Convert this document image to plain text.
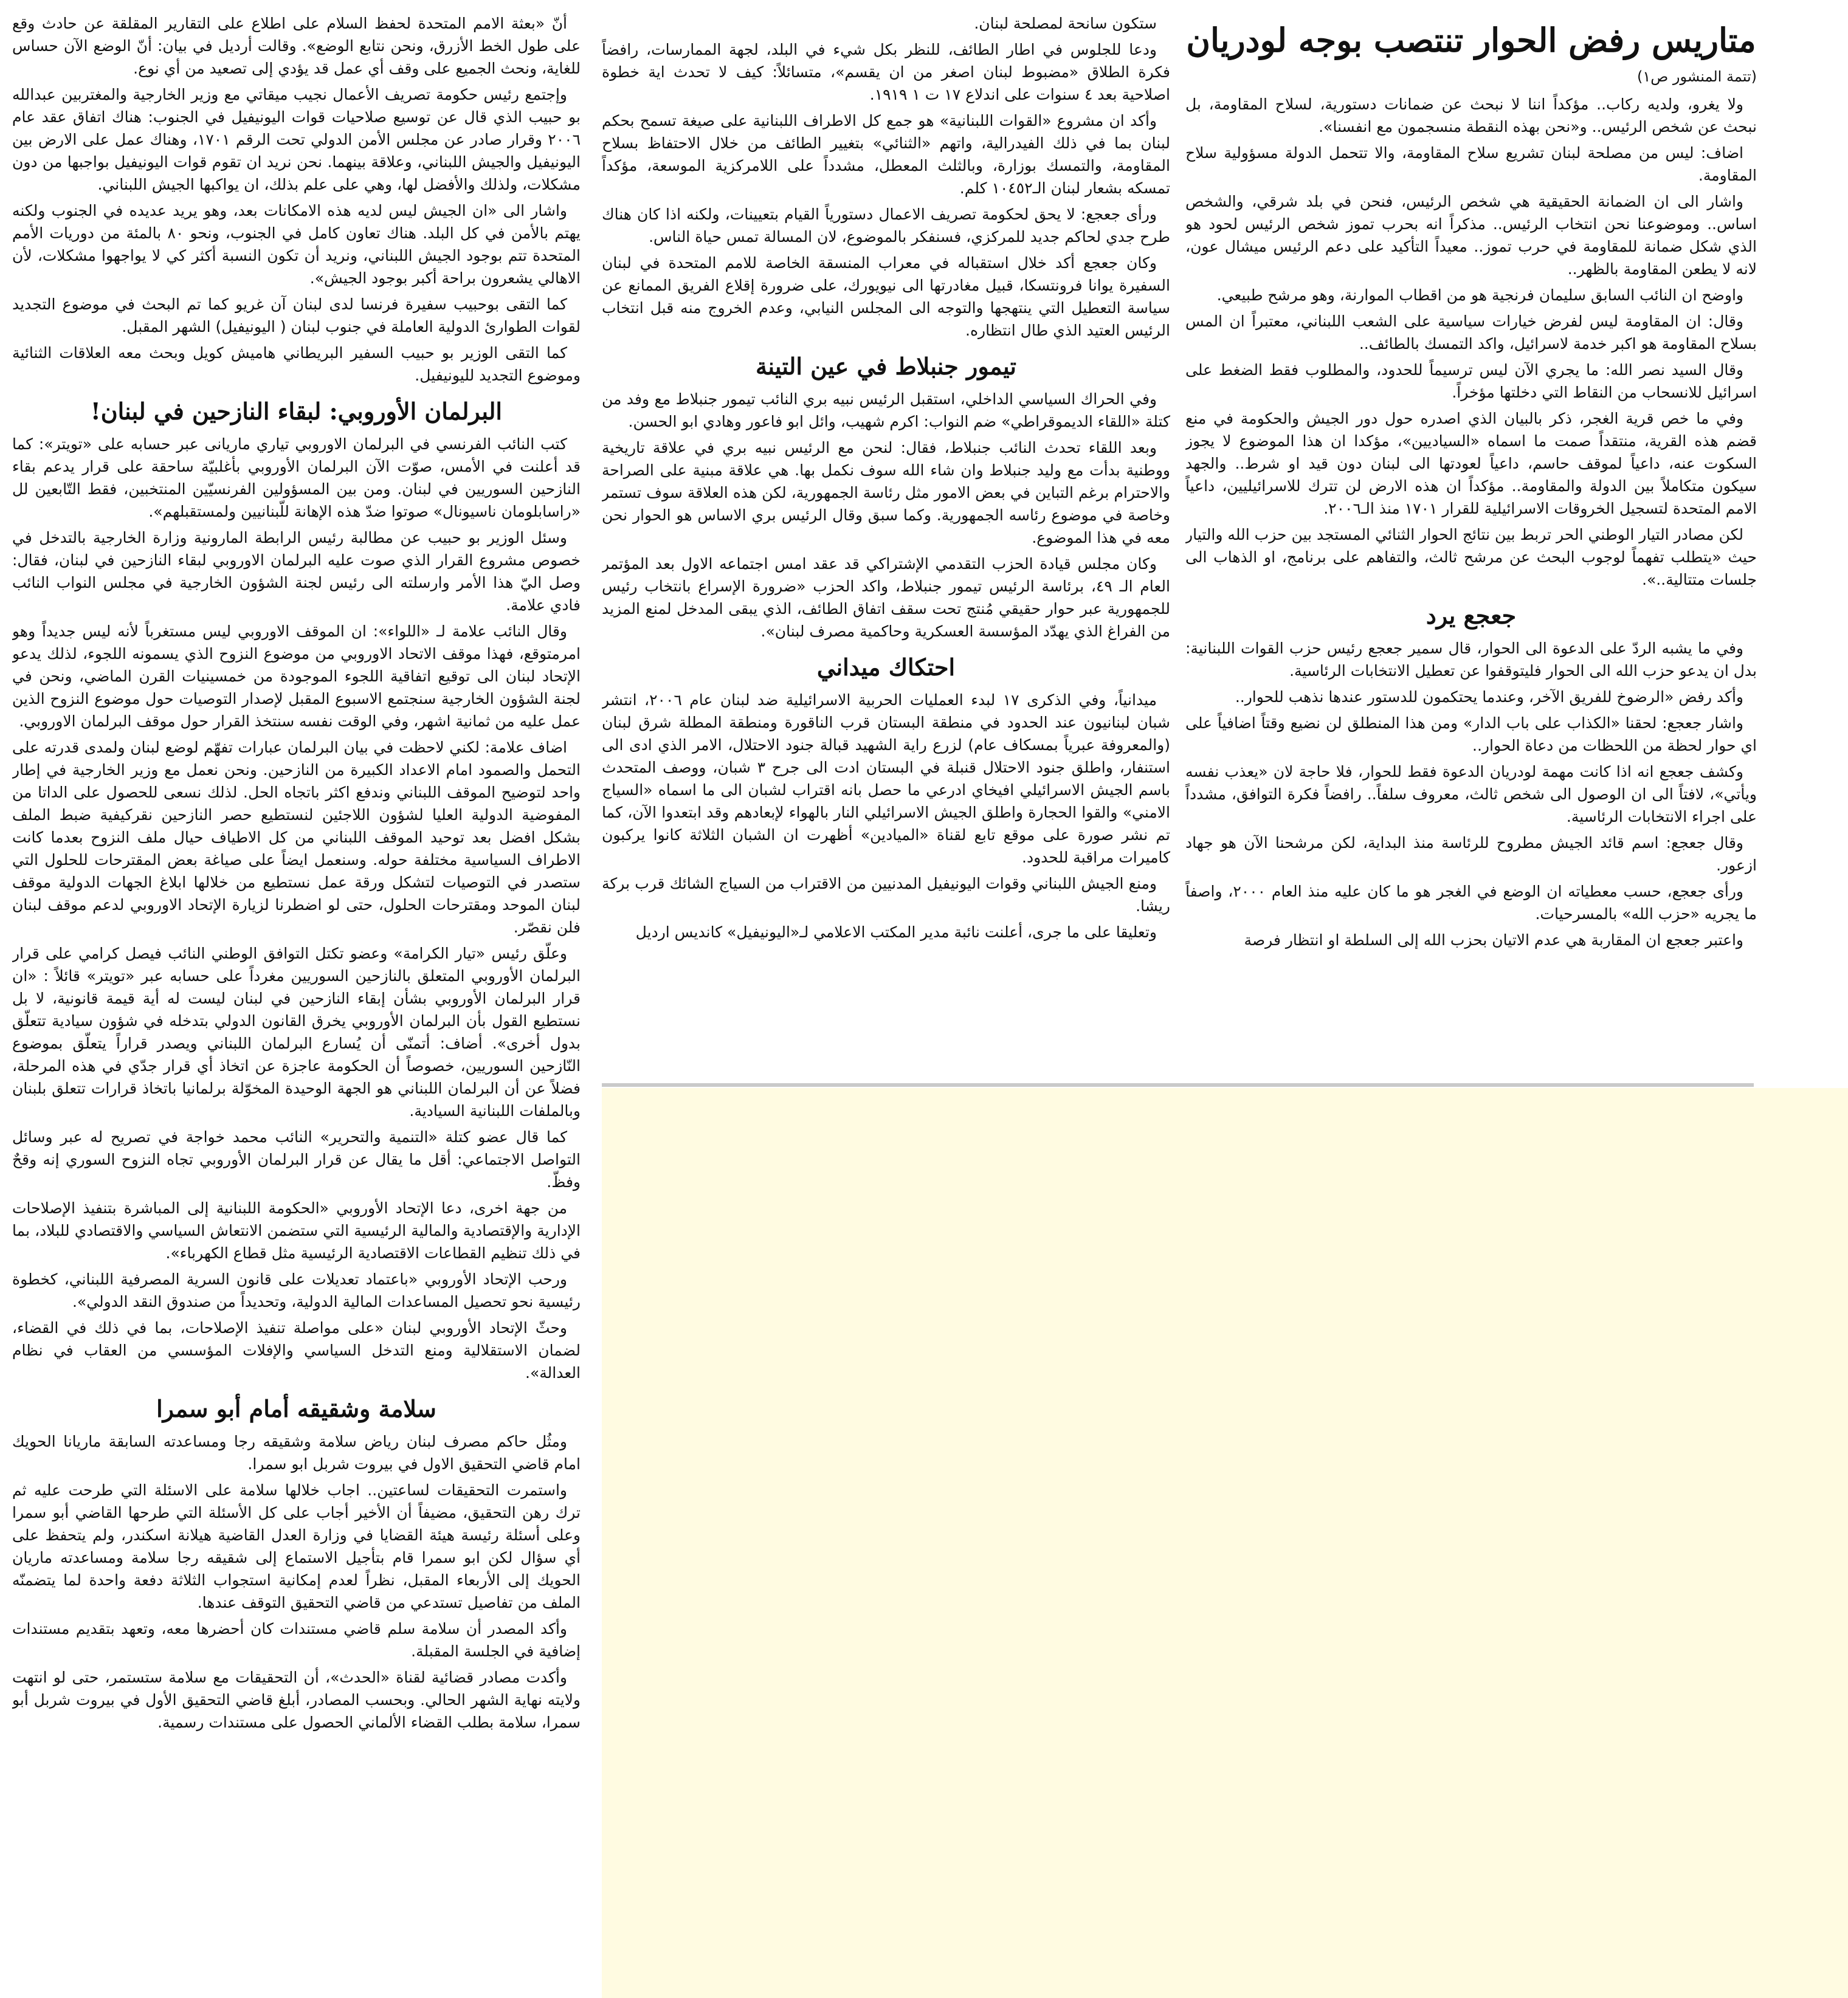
متاريس رفض الحوار تنتصب بوجه لودريان
(تتمة المنشور ص١)

ولا يغرو، ولديه ركاب.. مؤكداً اننا لا نبحث عن ضمانات دستورية، لسلاح المقاومة، بل نبحث عن شخص الرئيس.. و«نحن بهذه النقطة منسجمون مع انفسنا».

اضاف: ليس من مصلحة لبنان تشريع سلاح المقاومة، والا تتحمل الدولة مسؤولية سلاح المقاومة.

واشار الى ان الضمانة الحقيقية هي شخص الرئيس، فنحن في بلد شرقي، والشخص اساس.. وموضوعنا نحن انتخاب الرئيس.. مذكراً انه بحرب تموز شخص الرئيس لحود هو الذي شكل ضمانة للمقاومة في حرب تموز.. معيداً التأكيد على دعم الرئيس ميشال عون، لانه لا يطعن المقاومة بالظهر..

واوضح ان النائب السابق سليمان فرنجية هو من اقطاب الموارنة، وهو مرشح طبيعي.

وقال: ان المقاومة ليس لفرض خيارات سياسية على الشعب اللبناني، معتبراً ان المس بسلاح المقاومة هو اكبر خدمة لاسرائيل، واكد التمسك بالطائف..

وقال السيد نصر الله: ما يجري الآن ليس ترسيماً للحدود، والمطلوب فقط الضغط على اسرائيل للانسحاب من النقاط التي دخلتها مؤخراً.

وفي ما خص قرية الغجر، ذكر بالبيان الذي اصدره حول دور الجيش والحكومة في منع قضم هذه القرية، منتقداً صمت ما اسماه «السياديين»، مؤكدا ان هذا الموضوع لا يجوز السكوت عنه، داعياً لموقف حاسم، داعياً لعودتها الى لبنان دون قيد او شرط.. والجهد سيكون متكاملاً بين الدولة والمقاومة.. مؤكداً ان هذه الارض لن تترك للاسرائيليين، داعياً الامم المتحدة لتسجيل الخروقات الاسرائيلية للقرار ١٧٠١ منذ الـ٢٠٠٦.

لكن مصادر التيار الوطني الحر تربط بين نتائج الحوار الثنائي المستجد بين حزب الله والتيار حيث «يتطلب تفهماً لوجوب البحث عن مرشح ثالث، والتفاهم على برنامج، او الذهاب الى جلسات متتالية..».

جعجع يرد

وفي ما يشبه الردّ على الدعوة الى الحوار، قال سمير جعجع رئيس حزب القوات اللبنانية: بدل ان يدعو حزب الله الى الحوار فليتوقفوا عن تعطيل الانتخابات الرئاسية.

وأكد رفض «الرضوخ للفريق الآخر، وعندما يحتكمون للدستور عندها نذهب للحوار..

واشار جعجع: لحقنا «الكذاب على باب الدار» ومن هذا المنطلق لن نضيع وقتاً اضافياً على اي حوار لحظة من اللحظات من دعاة الحوار..

وكشف جعجع انه اذا كانت مهمة لودريان الدعوة فقط للحوار، فلا حاجة لان «يعذب نفسه ويأتي»، لافتاً الى ان الوصول الى شخص ثالث، معروف سلفاً.. رافضاً فكرة التوافق، مشدداً على اجراء الانتخابات الرئاسية.

وقال جعجع: اسم قائد الجيش مطروح للرئاسة منذ البداية، لكن مرشحنا الآن هو جهاد ازعور.

ورأى جعجع، حسب معطياته ان الوضع في الغجر هو ما كان عليه منذ العام ٢٠٠٠، واصفاً ما يجريه «حزب الله» بالمسرحيات.

واعتبر جعجع ان المقاربة هي عدم الاتيان بحزب الله إلى السلطة او انتظار فرصة

ستكون سانحة لمصلحة لبنان.

ودعا للجلوس في اطار الطائف، للنظر بكل شيء في البلد، لجهة الممارسات، رافضاً فكرة الطلاق «مضبوط لبنان اصغر من ان يقسم»، متسائلاً: كيف لا تحدث اية خطوة اصلاحية بعد ٤ سنوات على اندلاع ١٧ ت ١ ١٩١٩.

وأكد ان مشروع «القوات اللبنانية» هو جمع كل الاطراف اللبنانية على صيغة تسمح بحكم لبنان بما في ذلك الفيدرالية، واتهم «الثنائي» بتغيير الطائف من خلال الاحتفاظ بسلاح المقاومة، والتمسك بوزارة، وبالثلث المعطل، مشدداً على اللامركزية الموسعة، مؤكداً تمسكه بشعار لبنان الـ١٠٤٥٢ كلم.

ورأى جعجع: لا يحق لحكومة تصريف الاعمال دستورياً القيام بتعيينات، ولكنه اذا كان هناك طرح جدي لحاكم جديد للمركزي، فسنفكر بالموضوع، لان المسالة تمس حياة الناس.

وكان جعجع أكد خلال استقباله في معراب المنسقة الخاصة للامم المتحدة في لبنان السفيرة يوانا فرونتسكا، قبيل مغادرتها الى نيويورك، على ضرورة إقلاع الفريق الممانع عن سياسة التعطيل التي ينتهجها والتوجه الى المجلس النيابي، وعدم الخروج منه قبل انتخاب الرئيس العتيد الذي طال انتظاره.

تيمور جنبلاط في عين التينة

وفي الحراك السياسي الداخلي، استقبل الرئيس نبيه بري النائب تيمور جنبلاط مع وفد من كتلة «اللقاء الديموقراطي» ضم النواب: اكرم شهيب، وائل ابو فاعور وهادي ابو الحسن.

وبعد اللقاء تحدث النائب جنبلاط، فقال: لنحن مع الرئيس نبيه بري في علاقة تاريخية ووطنية بدأت مع وليد جنبلاط وان شاء الله سوف نكمل بها. هي علاقة مبنية على الصراحة والاحترام برغم التباين في بعض الامور مثل رئاسة الجمهورية، لكن هذه العلاقة سوف تستمر وخاصة في موضوع رئاسه الجمهورية. وكما سبق وقال الرئيس بري الاساس هو الحوار نحن معه في هذا الموضوع.

وكان مجلس قيادة الحزب التقدمي الإشتراكي قد عقد امس اجتماعه الاول بعد المؤتمر العام الـ ٤٩، برئاسة الرئيس تيمور جنبلاط، واكد الحزب «ضرورة الإسراع بانتخاب رئيس للجمهورية عبر حوار حقيقي مُنتج تحت سقف اتفاق الطائف، الذي يبقى المدخل لمنع المزيد من الفراغ الذي يهدّد المؤسسة العسكرية وحاكمية مصرف لبنان».

احتكاك ميداني

ميدانياً، وفي الذكرى ١٧ لبدء العمليات الحربية الاسرائيلية ضد لبنان عام ٢٠٠٦، انتشر شبان لبنانيون عند الحدود في منطقة البستان قرب الناقورة ومنطقة المطلة شرق لبنان (والمعروفة عبرياً بمسكاف عام) لزرع راية الشهيد قبالة جنود الاحتلال، الامر الذي ادى الى استنفار، واطلق جنود الاحتلال قنبلة في البستان ادت الى جرح ٣ شبان، ووصف المتحدث باسم الجيش الاسرائيلي افيخاي ادرعي ما حصل بانه اقتراب لشبان الى ما اسماه «السياج الامني» والقوا الحجارة واطلق الجيش الاسرائيلي النار بالهواء لإبعادهم وقد ابتعدوا الآن، كما تم نشر صورة على موقع تابع لقناة «الميادين» أظهرت ان الشبان الثلاثة كانوا يركبون كاميرات مراقبة للحدود.

ومنع الجيش اللبناني وقوات اليونيفيل المدنيين من الاقتراب من السياج الشائك قرب بركة ريشا.

وتعليقا على ما جرى، أعلنت نائبة مدير المكتب الاعلامي لـ«اليونيفيل» كانديس ارديل

أنّ «بعثة الامم المتحدة لحفظ السلام على اطلاع على التقارير المقلقة عن حادث وقع على طول الخط الأزرق، ونحن نتابع الوضع». وقالت أرديل في بيان: أنّ الوضع الآن حساس للغاية، ونحث الجميع على وقف أي عمل قد يؤدي إلى تصعيد من أي نوع.

وإجتمع رئيس حكومة تصريف الأعمال نجيب ميقاتي مع وزير الخارجية والمغتربين عبدالله بو حبيب الذي قال عن توسيع صلاحيات قوات اليونيفيل في الجنوب: هناك اتفاق عقد عام ٢٠٠٦ وقرار صادر عن مجلس الأمن الدولي تحت الرقم ١٧٠١، وهناك عمل على الارض بين اليونيفيل والجيش اللبناني، وعلاقة بينهما. نحن نريد ان تقوم قوات اليونيفيل بواجبها من دون مشكلات، ولذلك والأفضل لها، وهي على علم بذلك، ان يواكبها الجيش اللبناني.

واشار الى «ان الجيش ليس لديه هذه الامكانات بعد، وهو يريد عديده في الجنوب ولكنه يهتم بالأمن في كل البلد. هناك تعاون كامل في الجنوب، ونحو ٨٠ بالمئة من دوريات الأمم المتحدة تتم بوجود الجيش اللبناني، ونريد أن تكون النسبة أكثر كي لا يواجهوا مشكلات، لأن الاهالي يشعرون براحة أكبر بوجود الجيش».

كما التقى بوحبيب سفيرة فرنسا لدى لبنان آن غريو كما تم البحث في موضوع التجديد لقوات الطوارئ الدولية العاملة في جنوب لبنان ( اليونيفيل) الشهر المقبل.

كما التقى الوزير بو حبيب السفير البريطاني هاميش كويل وبحث معه العلاقات الثنائية وموضوع التجديد لليونيفيل.

البرلمان الأوروبي: لبقاء النازحين في لبنان!

كتب النائب الفرنسي في البرلمان الاوروبي تياري ماريانى عبر حسابه على «تويتر»: كما قد أعلنت في الأمس، صوّت الآن البرلمان الأوروبي بأغلبيّة ساحقة على قرار يدعم بقاء النازحين السوريين في لبنان. ومن بين المسؤولين الفرنسيّين المنتخبين، فقط التّابعين لل «راسابلومان ناسيونال» صوتوا ضدّ هذه الإهانة للّبنانيين ولمستقبلهم».

وسئل الوزير بو حبيب عن مطالبة رئيس الرابطة المارونية وزارة الخارجية بالتدخل في خصوص مشروع القرار الذي صوت عليه البرلمان الاوروبي لبقاء النازحين في لبنان، فقال: وصل اليّ هذا الأمر وارسلته الى رئيس لجنة الشؤون الخارجية في مجلس النواب النائب فادي علامة.

وقال النائب علامة لـ «اللواء»: ان الموقف الاوروبي ليس مستغرباً لأنه ليس جديداً وهو امرمتوقع، فهذا موقف الاتحاد الاوروبي من موضوع النزوح الذي يسمونه اللجوء، لذلك يدعو الإتحاد لبنان الى توقيع اتفاقية اللجوء الموجودة من خمسينيات القرن الماضي، ونحن في لجنة الشؤون الخارجية سنجتمع الاسبوع المقبل لإصدار التوصيات حول موضوع النزوح الذين عمل عليه من ثمانية اشهر، وفي الوقت نفسه سنتخذ القرار حول موقف البرلمان الاوروبي.

اضاف علامة: لكني لاحظت في بيان البرلمان عبارات تفهّم لوضع لبنان ولمدى قدرته على التحمل والصمود امام الاعداد الكبيرة من النازحين. ونحن نعمل مع وزير الخارجية في إطار واحد لتوضيح الموقف اللبناني وندفع اكثر باتجاه الحل. لذلك نسعى للحصول على الداتا من المفوضية الدولية العليا لشؤون اللاجئين لنستطيع حصر النازحين نقركيفية ضبط الملف بشكل افضل بعد توحيد الموقف اللبناني من كل الاطياف حيال ملف النزوح بعدما كانت الاطراف السياسية مختلفة حوله. وسنعمل ايضاً على صياغة بعض المقترحات للحلول التي ستصدر في التوصيات لتشكل ورقة عمل نستطيع من خلالها ابلاغ الجهات الدولية موقف لبنان الموحد ومقترحات الحلول، حتى لو اضطرنا لزيارة الإتحاد الاوروبي لدعم موقف لبنان فلن نقصّر.

وعلّق رئيس «تيار الكرامة» وعضو تكتل التوافق الوطني النائب فيصل كرامي على قرار البرلمان الأوروبي المتعلق بالنازحين السوريين مغرداً على حسابه عبر «تويتر» قائلاً : «ان قرار البرلمان الأوروبي بشأن إبقاء النازحين في لبنان ليست له أية قيمة قانونية، لا بل نستطيع القول بأن البرلمان الأوروبي يخرق القانون الدولي بتدخله في شؤون سيادية تتعلّق بدول أخرى». أضاف: أتمنّى أن يُسارع البرلمان اللبناني ويصدر قراراً يتعلّق بموضوع النّازحين السوريين، خصوصاً أن الحكومة عاجزة عن اتخاذ أي قرار جدّي في هذه المرحلة، فضلاً عن أن البرلمان اللبناني هو الجهة الوحيدة المخوّلة برلمانيا باتخاذ قرارات تتعلق بلبنان وبالملفات اللبنانية السيادية.

كما قال عضو كتلة «التنمية والتحرير» النائب محمد خواجة في تصريح له عبر وسائل التواصل الاجتماعي: أقل ما يقال عن قرار البرلمان الأوروبي تجاه النزوح السوري إنه وقحٌ وفظّ.

من جهة اخرى، دعا الإتحاد الأوروبي «الحكومة اللبنانية إلى المباشرة بتنفيذ الإصلاحات الإدارية والإقتصادية والمالية الرئيسية التي ستضمن الانتعاش السياسي والاقتصادي للبلاد، بما في ذلك تنظيم القطاعات الاقتصادية الرئيسية مثل قطاع الكهرباء».

ورحب الإتحاد الأوروبي «باعتماد تعديلات على قانون السرية المصرفية اللبناني، كخطوة رئيسية نحو تحصيل المساعدات المالية الدولية، وتحديداً من صندوق النقد الدولي».

وحثّ الإتحاد الأوروبي لبنان «على مواصلة تنفيذ الإصلاحات، بما في ذلك في القضاء، لضمان الاستقلالية ومنع التدخل السياسي والإفلات المؤسسي من العقاب في نظام العدالة».

سلامة وشقيقه أمام أبو سمرا

ومثُل حاكم مصرف لبنان رياض سلامة وشقيقه رجا ومساعدته السابقة ماريانا الحويك امام قاضي التحقيق الاول في بيروت شربل ابو سمرا.

واستمرت التحقيقات لساعتين.. اجاب خلالها سلامة على الاسئلة التي طرحت عليه ثم ترك رهن التحقيق، مضيفاً أن الأخير أجاب على كل الأسئلة التي طرحها القاضي أبو سمرا وعلى أسئلة رئيسة هيئة القضايا في وزارة العدل القاضية هيلانة اسكندر، ولم يتحفظ على أي سؤال لكن ابو سمرا قام بتأجيل الاستماع إلى شقيقه رجا سلامة ومساعدته ماريان الحويك إلى الأربعاء المقبل، نظراً لعدم إمكانية استجواب الثلاثة دفعة واحدة لما يتضمنّه الملف من تفاصيل تستدعي من قاضي التحقيق التوقف عندها.

وأكد المصدر أن سلامة سلم قاضي مستندات كان أحضرها معه، وتعهد بتقديم مستندات إضافية في الجلسة المقبلة.

وأكدت مصادر قضائية لقناة «الحدث»، أن التحقيقات مع سلامة ستستمر، حتى لو انتهت ولايته نهاية الشهر الحالي. وبحسب المصادر، أبلغ قاضي التحقيق الأول في بيروت شربل أبو سمرا، سلامة بطلب القضاء الألماني الحصول على مستندات رسمية.
